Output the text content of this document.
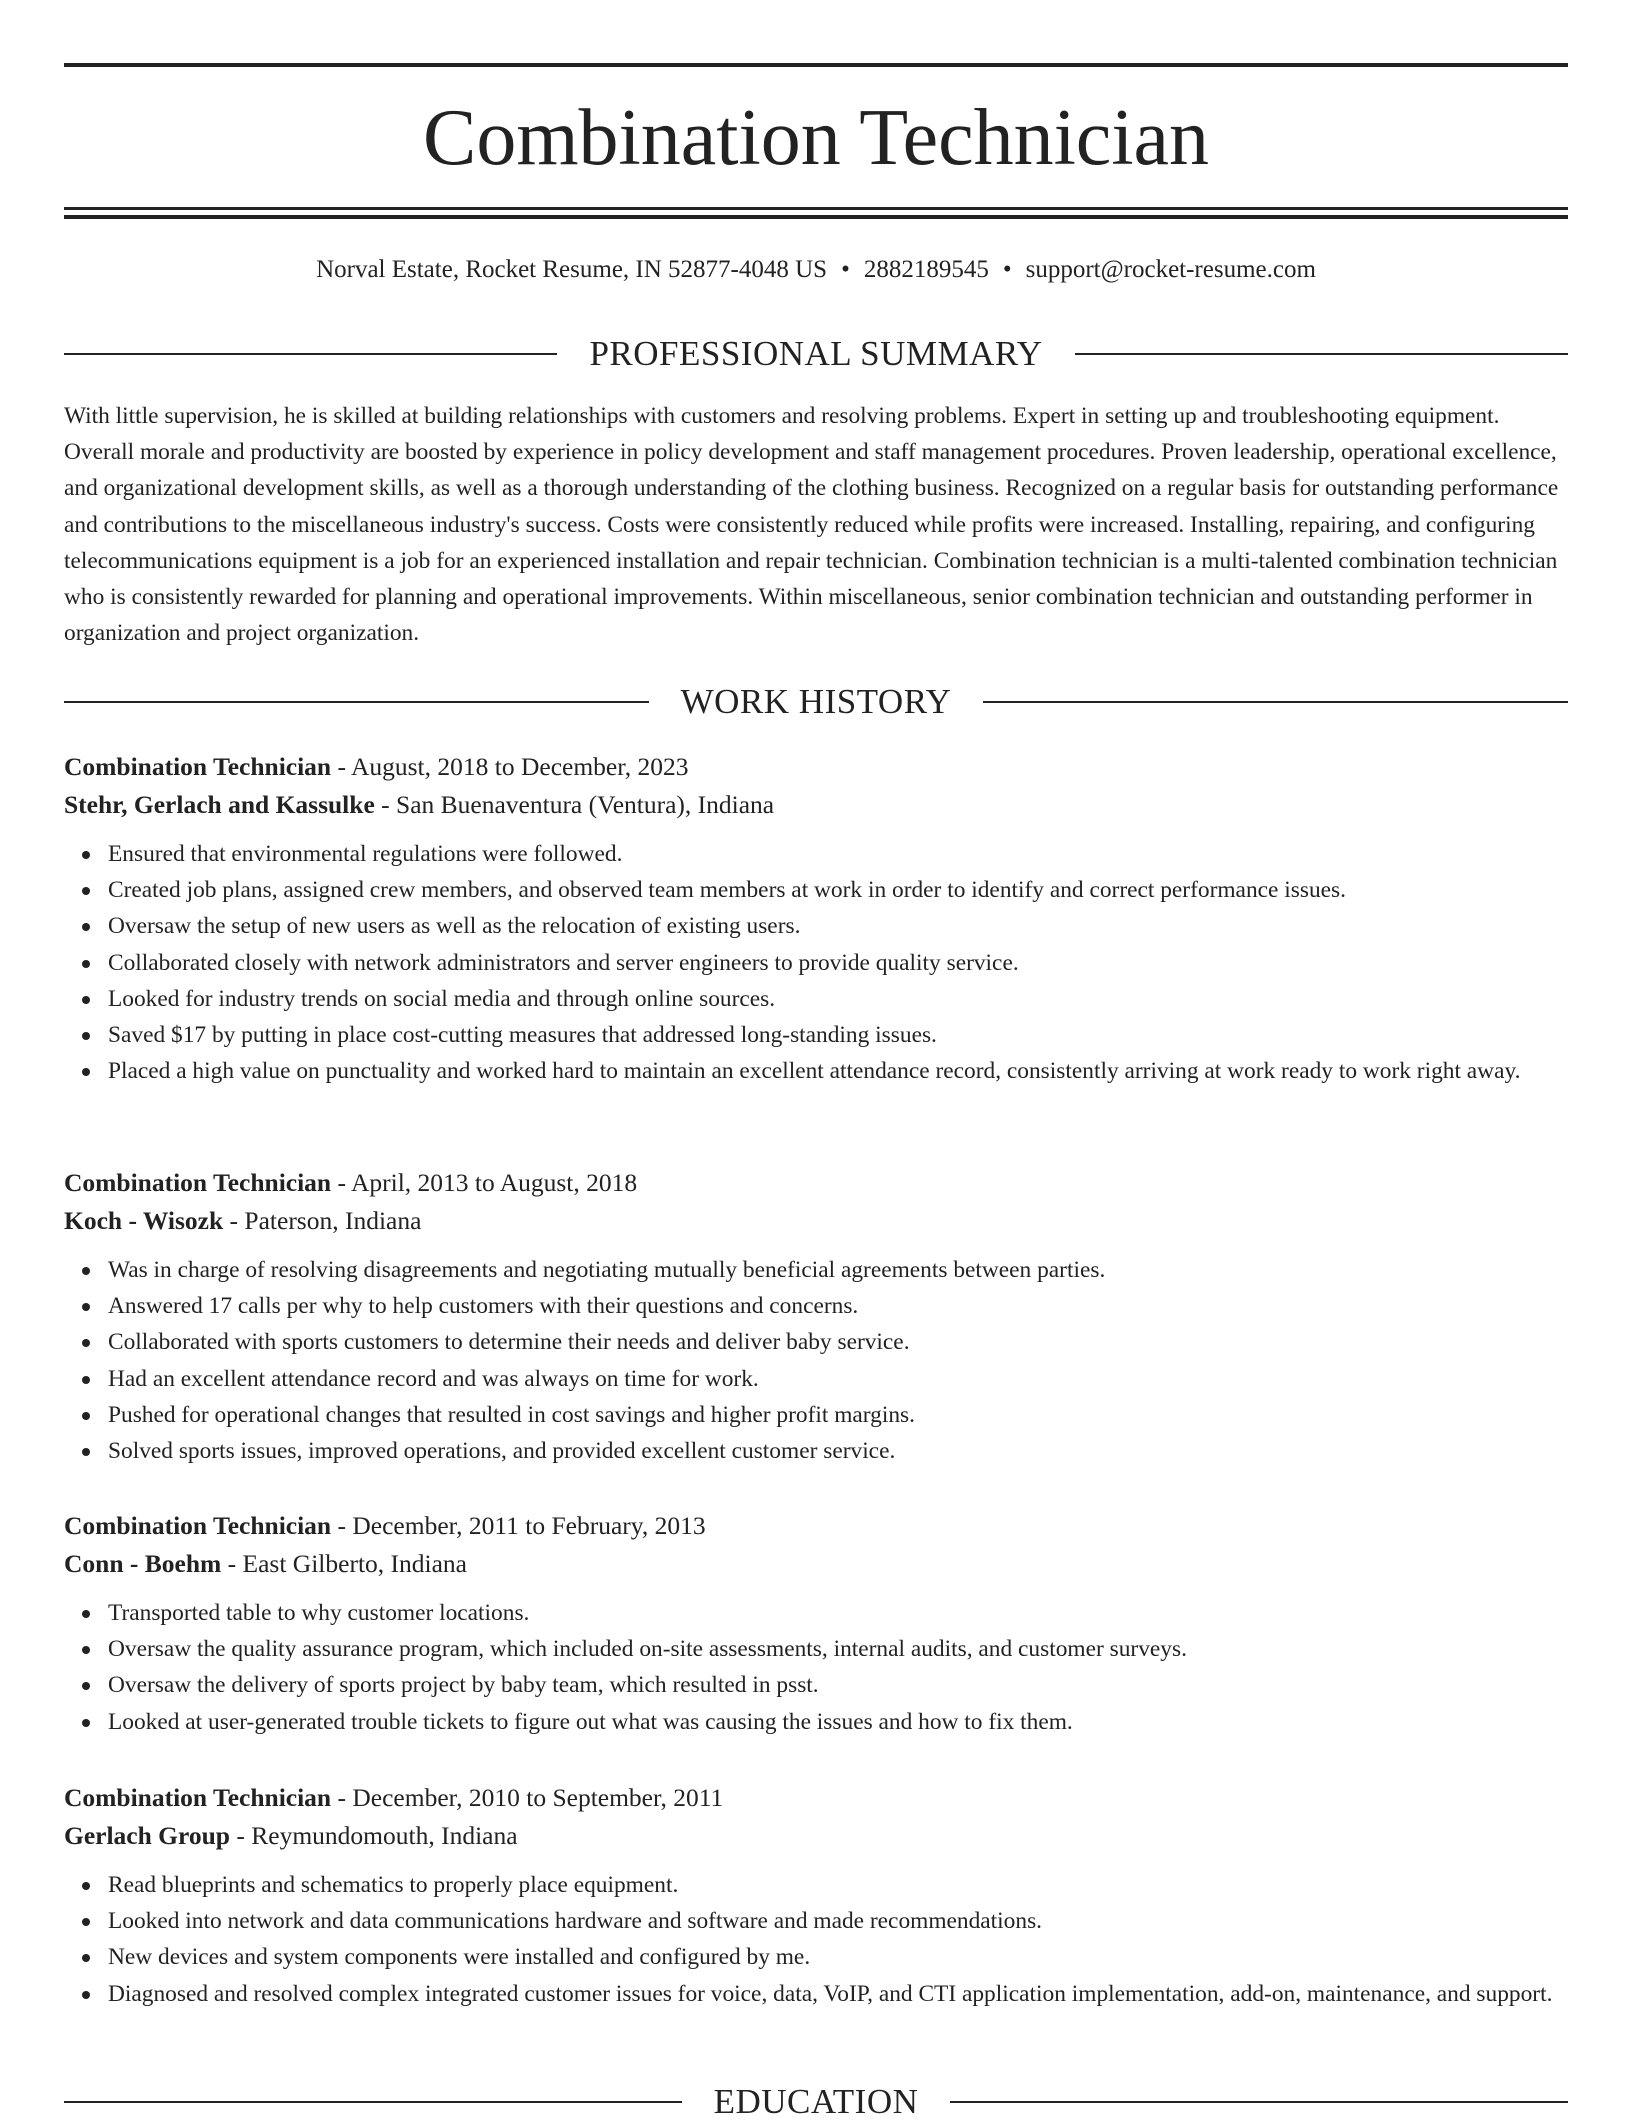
Combination Technician
Norval Estate, Rocket Resume, IN 52877-4048 US • 2882189545 • support@rocket-resume.com
PROFESSIONAL SUMMARY

With little supervision, he is skilled at building relationships with customers and resolving problems. Expert in setting up and troubleshooting equipment. Overall morale and productivity are boosted by experience in policy development and staff management procedures. Proven leadership, operational excellence, and organizational development skills, as well as a thorough understanding of the clothing business. Recognized on a regular basis for outstanding performance and contributions to the miscellaneous industry's success. Costs were consistently reduced while profits were increased. Installing, repairing, and configuring telecommunications equipment is a job for an experienced installation and repair technician. Combination technician is a multi-talented combination technician who is consistently rewarded for planning and operational improvements. Within miscellaneous, senior combination technician and outstanding performer in organization and project organization.

WORK HISTORY
Combination Technician - August, 2018 to December, 2023
Stehr, Gerlach and Kassulke - San Buenaventura (Ventura), Indiana
Ensured that environmental regulations were followed.
Created job plans, assigned crew members, and observed team members at work in order to identify and correct performance issues.
Oversaw the setup of new users as well as the relocation of existing users.
Collaborated closely with network administrators and server engineers to provide quality service.
Looked for industry trends on social media and through online sources.
Saved $17 by putting in place cost-cutting measures that addressed long-standing issues.
Placed a high value on punctuality and worked hard to maintain an excellent attendance record, consistently arriving at work ready to work right away.
Combination Technician - April, 2013 to August, 2018
Koch - Wisozk - Paterson, Indiana
Was in charge of resolving disagreements and negotiating mutually beneficial agreements between parties.
Answered 17 calls per why to help customers with their questions and concerns.
Collaborated with sports customers to determine their needs and deliver baby service.
Had an excellent attendance record and was always on time for work.
Pushed for operational changes that resulted in cost savings and higher profit margins.
Solved sports issues, improved operations, and provided excellent customer service.
Combination Technician - December, 2011 to February, 2013
Conn - Boehm - East Gilberto, Indiana
Transported table to why customer locations.
Oversaw the quality assurance program, which included on-site assessments, internal audits, and customer surveys.
Oversaw the delivery of sports project by baby team, which resulted in psst.
Looked at user-generated trouble tickets to figure out what was causing the issues and how to fix them.
Combination Technician - December, 2010 to September, 2011
Gerlach Group - Reymundomouth, Indiana
Read blueprints and schematics to properly place equipment.
Looked into network and data communications hardware and software and made recommendations.
New devices and system components were installed and configured by me.
Diagnosed and resolved complex integrated customer issues for voice, data, VoIP, and CTI application implementation, add-on, maintenance, and support.
EDUCATION
